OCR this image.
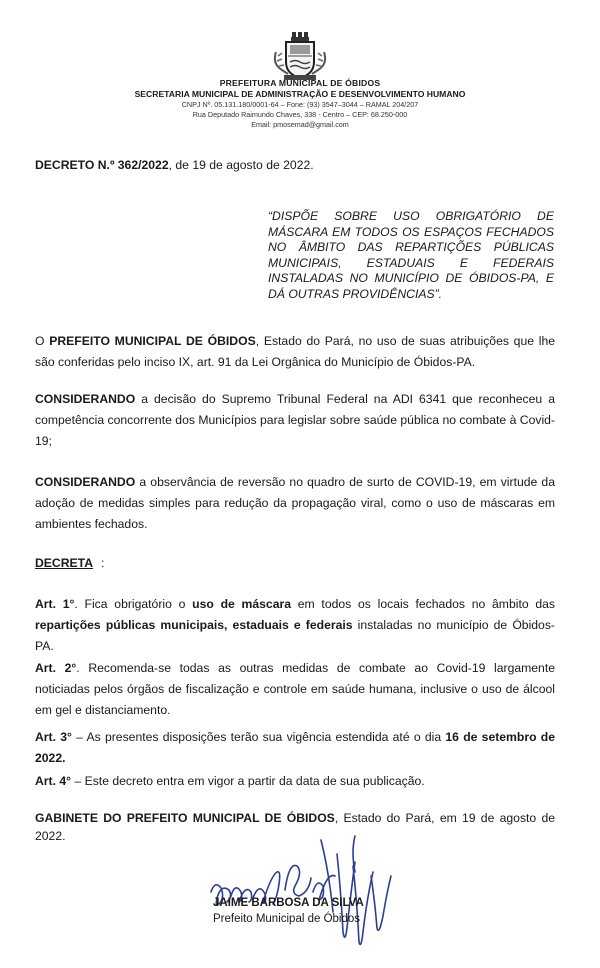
PREFEITURA MUNICIPAL DE ÓBIDOS
SECRETARIA MUNICIPAL DE ADMINISTRAÇÃO E DESENVOLVIMENTO HUMANO
CNPJ Nº. 05.131.180/0001-64 – Fone: (93) 3547–3044 – RAMAL 204/207
Rua Deputado Raimundo Chaves, 338 - Centro – CEP: 68.250-000
Email: pmosemad@gmail.com
DECRETO N.º 362/2022, de 19 de agosto de 2022.
“DISPÕE SOBRE USO OBRIGATÓRIO DE MÁSCARA EM TODOS OS ESPAÇOS FECHADOS NO ÂMBITO DAS REPARTIÇÕES PÚBLICAS MUNICIPAIS, ESTADUAIS E FEDERAIS INSTALADAS NO MUNICÍPIO DE ÓBIDOS-PA, E DÁ OUTRAS PROVIDÊNCIAS”.
O PREFEITO MUNICIPAL DE ÓBIDOS, Estado do Pará, no uso de suas atribuições que lhe são conferidas pelo inciso IX, art. 91 da Lei Orgânica do Município de Óbidos-PA.
CONSIDERANDO a decisão do Supremo Tribunal Federal na ADI 6341 que reconheceu a competência concorrente dos Municípios para legislar sobre saúde pública no combate à Covid-19;
CONSIDERANDO a observância de reversão no quadro de surto de COVID-19, em virtude da adoção de medidas simples para redução da propagação viral, como o uso de máscaras em ambientes fechados.
DECRETA :
Art. 1°. Fica obrigatório o uso de máscara em todos os locais fechados no âmbito das repartições públicas municipais, estaduais e federais instaladas no município de Óbidos-PA.
Art. 2°. Recomenda-se todas as outras medidas de combate ao Covid-19 largamente noticiadas pelos órgãos de fiscalização e controle em saúde humana, inclusive o uso de álcool em gel e distanciamento.
Art. 3° – As presentes disposições terão sua vigência estendida até o dia 16 de setembro de 2022.
Art. 4° – Este decreto entra em vigor a partir da data de sua publicação.
GABINETE DO PREFEITO MUNICIPAL DE ÓBIDOS, Estado do Pará, em 19 de agosto de 2022.
JAIME BARBOSA DA SILVA
Prefeito Municipal de Óbidos
